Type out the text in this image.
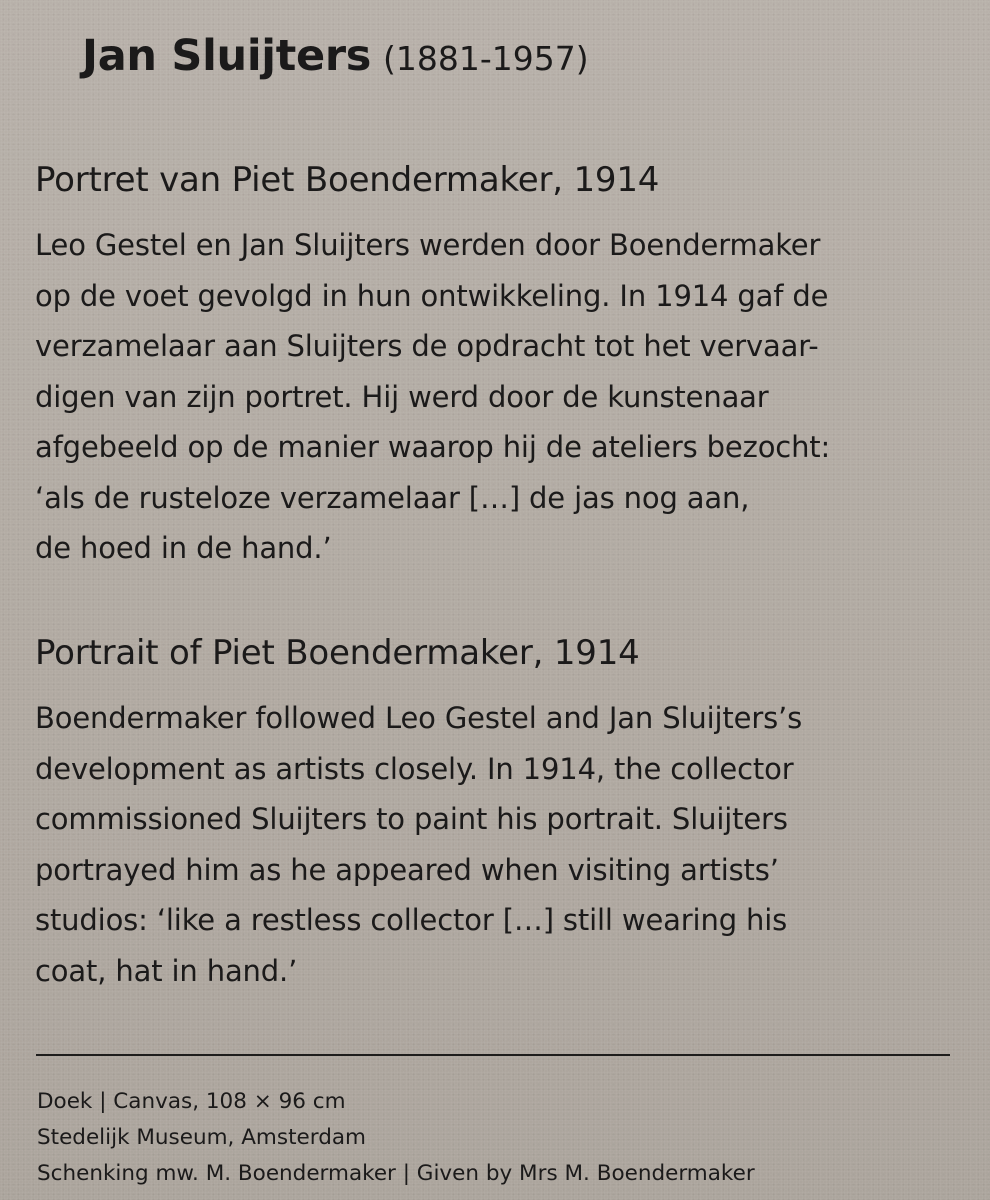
Jan Sluijters (1881-1957)
Portret van Piet Boendermaker, 1914
Leo Gestel en Jan Sluijters werden door Boendermaker
op de voet gevolgd in hun ontwikkeling. In 1914 gaf de
verzamelaar aan Sluijters de opdracht tot het vervaar-
digen van zijn portret. Hij werd door de kunstenaar
afgebeeld op de manier waarop hij de ateliers bezocht:
‘als de rusteloze verzamelaar […] de jas nog aan,
de hoed in de hand.’
Portrait of Piet Boendermaker, 1914
Boendermaker followed Leo Gestel and Jan Sluijters’s
development as artists closely. In 1914, the collector
commissioned Sluijters to paint his portrait. Sluijters
portrayed him as he appeared when visiting artists’
studios: ‘like a restless collector […] still wearing his
coat, hat in hand.’
Doek | Canvas, 108 × 96 cm
Stedelijk Museum, Amsterdam
Schenking mw. M. Boendermaker | Given by Mrs M. Boendermaker
